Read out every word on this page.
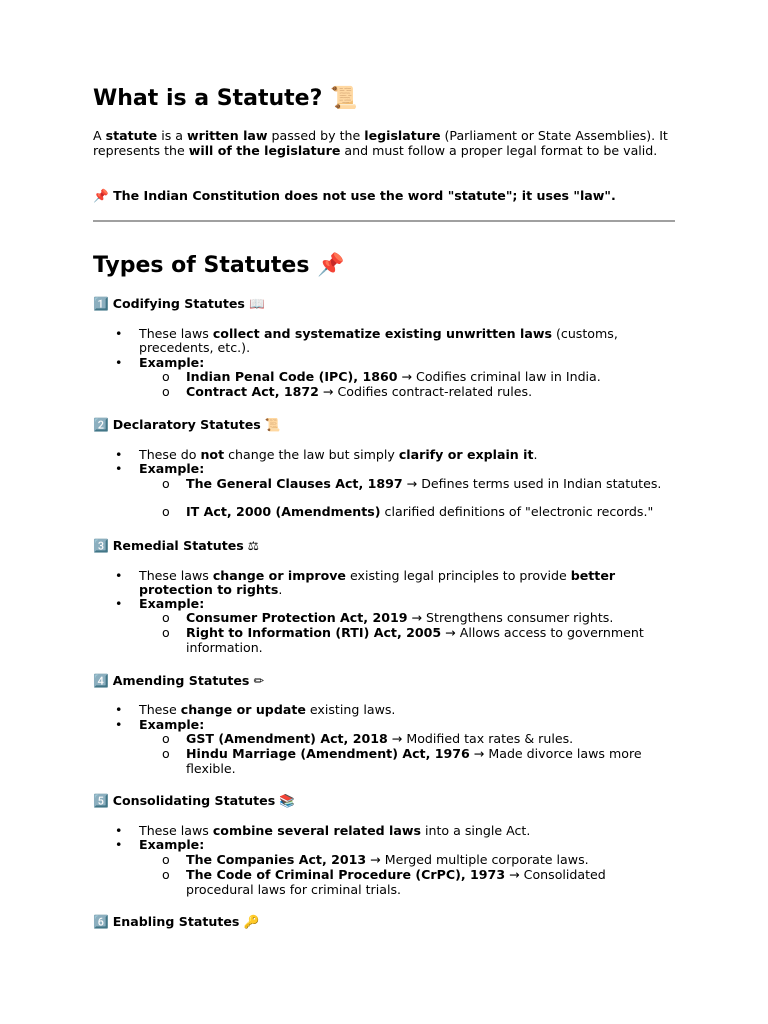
What is a Statute? 📜

A statute is a written law passed by the legislature (Parliament or State Assemblies). It represents the will of the legislature and must follow a proper legal format to be valid.

📌 The Indian Constitution does not use the word "statute"; it uses "law".

Types of Statutes 📌

1️⃣ Codifying Statutes 📖

• These laws collect and systematize existing unwritten laws (customs, precedents, etc.).

• Example:

o Indian Penal Code (IPC), 1860 → Codifies criminal law in India.

o Contract Act, 1872 → Codifies contract-related rules.

2️⃣ Declaratory Statutes 📜

• These do not change the law but simply clarify or explain it.

• Example:

o The General Clauses Act, 1897 → Defines terms used in Indian statutes.

o IT Act, 2000 (Amendments) clarified definitions of "electronic records."

3️⃣ Remedial Statutes ⚖

• These laws change or improve existing legal principles to provide better protection to rights.

• Example:

o Consumer Protection Act, 2019 → Strengthens consumer rights.

o Right to Information (RTI) Act, 2005 → Allows access to government information.

4️⃣ Amending Statutes ✏

• These change or update existing laws.

• Example:

o GST (Amendment) Act, 2018 → Modified tax rates & rules.

o Hindu Marriage (Amendment) Act, 1976 → Made divorce laws more flexible.

5️⃣ Consolidating Statutes 📚

• These laws combine several related laws into a single Act.

• Example:

o The Companies Act, 2013 → Merged multiple corporate laws.

o The Code of Criminal Procedure (CrPC), 1973 → Consolidated procedural laws for criminal trials.

6️⃣ Enabling Statutes 🔑
